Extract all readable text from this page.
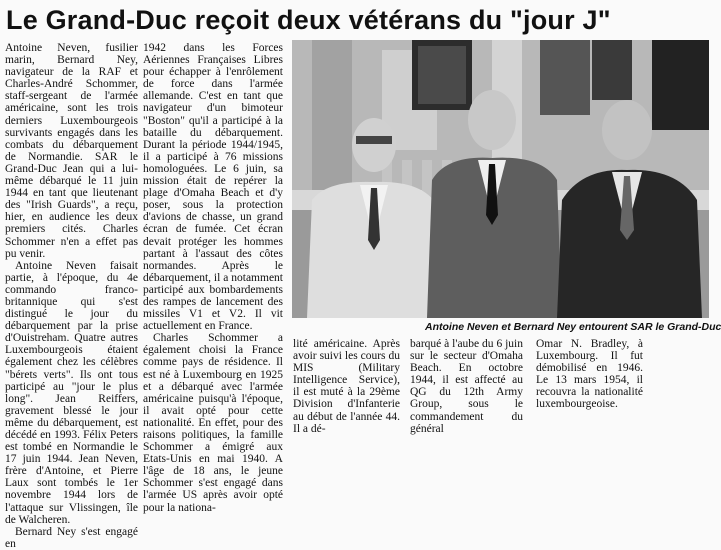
Le Grand-Duc reçoit deux vétérans du "jour J"

Antoine Neven, fusilier marin, Bernard Ney, navigateur de la RAF et Charles-André Schommer, staff-sergeant de l'armée américaine, sont les trois derniers Luxembourgeois survivants engagés dans les combats du débarquement de Normandie. SAR le Grand-Duc Jean qui a lui-même débarqué le 11 juin 1944 en tant que lieutenant des "Irish Guards", a reçu, hier, en audience les deux premiers cités. Charles Schommer n'en a effet pas pu venir.

Antoine Neven faisait partie, à l'époque, du 4e commando franco-britannique qui s'est distingué le jour du débarquement par la prise d'Ouistreham. Quatre autres Luxembourgeois étaient également chez les célèbres "bérets verts". Ils ont tous participé au "jour le plus long". Jean Reiffers, gravement blessé le jour même du débarquement, est décédé en 1993. Félix Peters est tombé en Normandie le 17 juin 1944. Jean Neven, frère d'Antoine, et Pierre Laux sont tombés le 1er novembre 1944 lors de l'attaque sur Vlissingen, île de Walcheren.

Bernard Ney s'est engagé en

1942 dans les Forces Aériennes Françaises Libres pour échapper à l'enrôlement de force dans l'armée allemande. C'est en tant que navigateur d'un bimoteur "Boston" qu'il a participé à la bataille du débarquement. Durant la période 1944/1945, il a participé à 76 missions homologuées. Le 6 juin, sa mission était de repérer la plage d'Omaha Beach et d'y poser, sous la protection d'avions de chasse, un grand écran de fumée. Cet écran devait protéger les hommes partant à l'assaut des côtes normandes. Après le débarquement, il a notamment participé aux bombardements des rampes de lancement des missiles V1 et V2. Il vit actuellement en France.

Charles Schommer a également choisi la France comme pays de résidence. Il est né à Luxembourg en 1925 et a débarqué avec l'armée américaine puisqu'à l'époque, il avait opté pour cette nationalité. En effet, pour des raisons politiques, la famille Schommer a émigré aux Etats-Unis en mai 1940. A l'âge de 18 ans, le jeune Schommer s'est engagé dans l'armée US après avoir opté pour la nationa-

Antoine Neven et Bernard Ney entourent SAR le Grand-Duc

lité américaine. Après avoir suivi les cours du MIS (Military Intelligence Service), il est muté à la 29ème Division d'Infanterie au début de l'année 44. Il a dé-

barqué à l'aube du 6 juin sur le secteur d'Omaha Beach. En octobre 1944, il est affecté au QG du 12th Army Group, sous le commandement du général

Omar N. Bradley, à Luxembourg. Il fut démobilisé en 1946. Le 13 mars 1954, il recouvra la nationalité luxembourgeoise.
